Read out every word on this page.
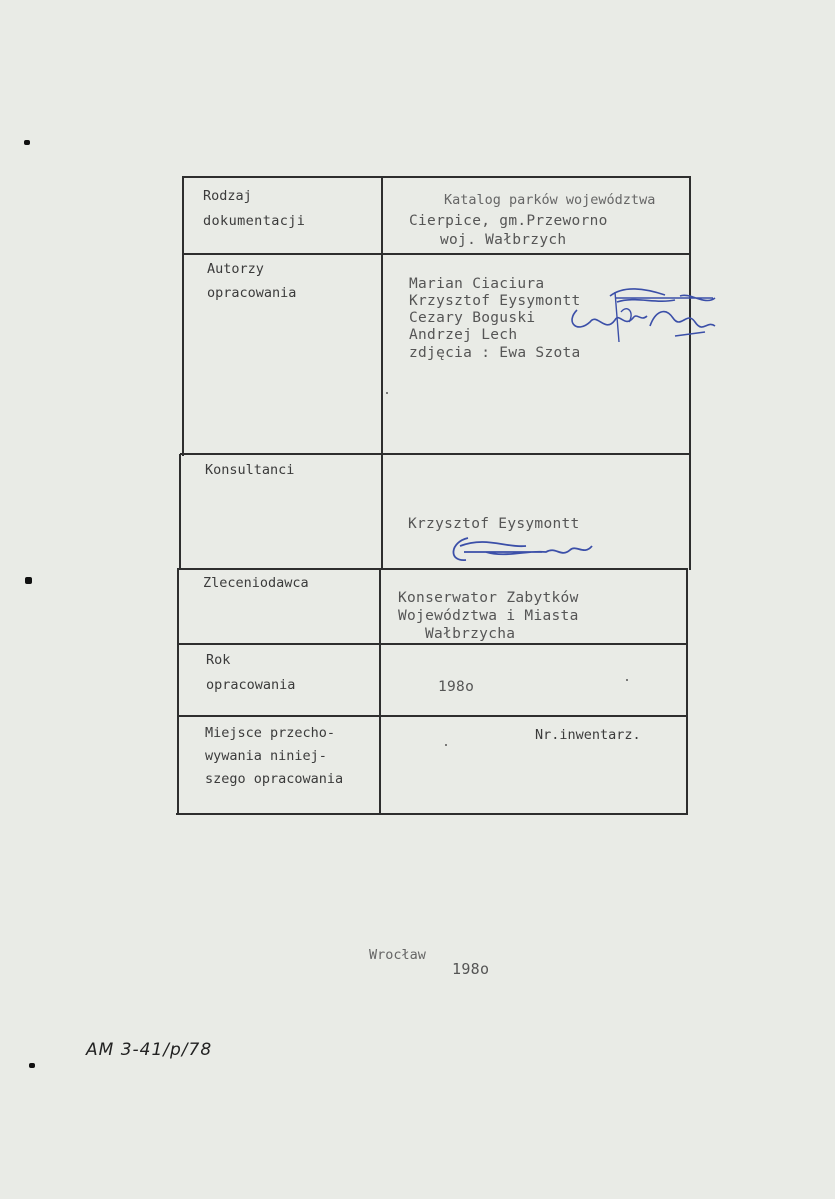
Rodzaj
dokumentacji
Katalog parków województwa
Cierpice, gm.Przeworno
woj. Wałbrzych
Autorzy
opracowania
Marian Ciaciura
Krzysztof Eysymontt
Cezary Boguski
Andrzej Lech
zdjęcia : Ewa Szota
Konsultanci
Krzysztof Eysymontt
Zleceniodawca
Konserwator Zabytków
Województwa i Miasta
Wałbrzycha
Rok
opracowania	198o
Miejsce przecho-
wywania niniej-
szego opracowania
Nr.inwentarz.
Wrocław
198o
AM 3-41/p/78
